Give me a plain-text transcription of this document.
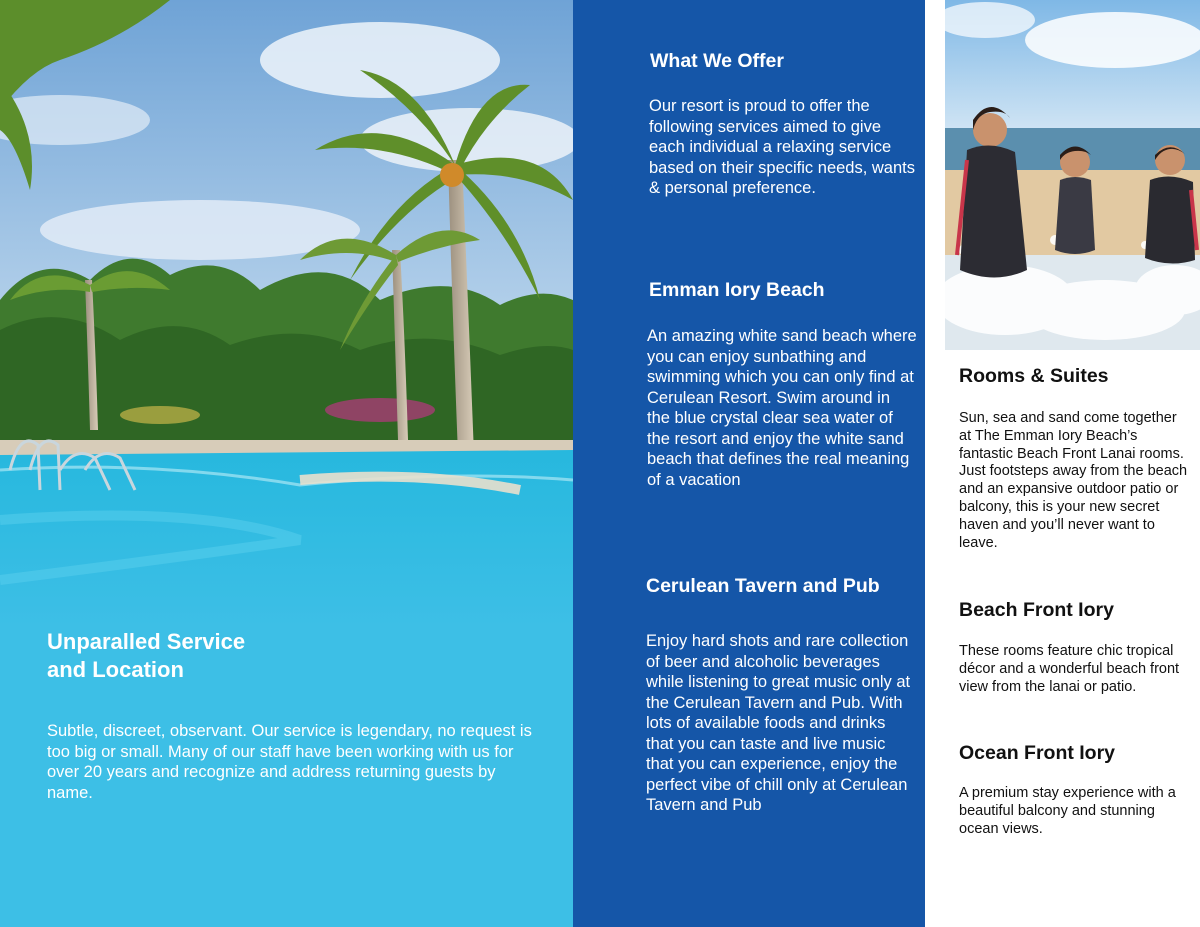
Unparalled Service
and Location

Subtle, discreet, observant. Our service is legendary, no request is too big or small. Many of our staff have been working with us for over 20 years and recognize and address returning guests by name.

What We Offer

Our resort is proud to offer the following services aimed to give each individual a relaxing service based on their specific needs, wants & personal preference.

Emman Iory Beach

An amazing white sand beach where you can enjoy sunbathing and swimming which you can only find at Cerulean Resort. Swim around in the blue crystal clear sea water of the resort and enjoy the white sand beach that defines the real meaning of a vacation

Cerulean Tavern and Pub

Enjoy hard shots and rare collection of beer and alcoholic beverages while listening to great music only at the Cerulean Tavern and Pub. With lots of available foods and drinks that you can taste and live music that you can experience, enjoy the perfect vibe of chill only at Cerulean Tavern and Pub

Rooms & Suites

Sun, sea and sand come together at The Emman Iory Beach’s fantastic Beach Front Lanai rooms. Just footsteps away from the beach and an expansive outdoor patio or balcony, this is your new secret haven and you’ll never want to leave.

Beach Front Iory

These rooms feature chic tropical décor and a wonderful beach front view from the lanai or patio.

Ocean Front Iory

A premium stay experience with a beautiful balcony and stunning ocean views.
